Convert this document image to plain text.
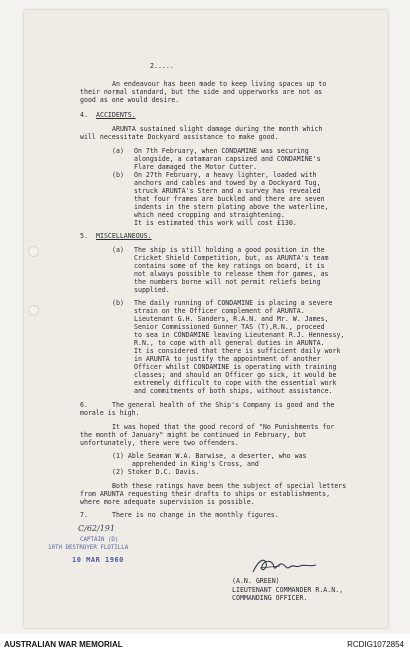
2.....
An endeavour has been made to keep living spaces up to
their normal standard, but the side and upperworks are not as
good as one would desire.
4. ACCIDENTS.
ARUNTA sustained slight damage during the month which
will necessitate Dockyard assistance to make good.
(a) On 7th February, when CONDAMINE was securing
alongside, a catamaran capsized and CONDAMINE's
Flare damaged the Motor Cutter.
(b) On 27th February, a heavy lighter, loaded with
anchors and cables and towed by a Dockyard Tug,
struck ARUNTA's Stern and a survey has revealed
that four frames are buckled and there are seven
indents in the stern plating above the waterline,
which need cropping and straightening.
It is estimated this work will cost £130.
5. MISCELLANEOUS.
(a) The ship is still holding a good position in the
Cricket Shield Competition, but, as ARUNTA's team
contains some of the key ratings on board, it is
not always possible to release them for games, as
the numbers borne will not permit reliefs being
supplied.
(b) The daily running of CONDAMINE is placing a severe
strain on the Officer complement of ARUNTA.
Lieutenant G.H. Sanders, R.A.N. and Mr. W. James,
Senior Commissioned Gunner TAS (T),R.N., proceed
to sea in CONDAMINE leaving Lieutenant R.J. Hennessy,
R.N., to cope with all general duties in ARUNTA.
It is considered that there is sufficient daily work
in ARUNTA to justify the appointment of another
Officer whilst CONDAMINE is operating with training
classes; and should an Officer go sick, it would be
extremely difficult to cope with the essential work
and commitments of both ships, without assistance.
6.	The general health of the Ship's Company is good and the
morale is high.
It was hoped that the good record of "No Punishments for
the month of January" might be continued in February, but
unfortunately, there were two offenders.
(1) Able Seaman W.A. Barwise, a deserter, who was
apprehended in King's Cross, and
(2) Stoker D.C. Davis.
Both these ratings have been the subject of special letters
from ARUNTA requesting their drafts to ships or establishments,
where more adequate supervision is possible.
7.	There is no change in the monthly figures.
(A.N. GREEN)
LIEUTENANT COMMANDER R.A.N.,
COMMANDING OFFICER.
C/62/191
CAPTAIN (D)
10TH DESTROYER FLOTILLA
10 MAR 1960
AUSTRALIAN WAR MEMORIAL	RCDIG1072854
